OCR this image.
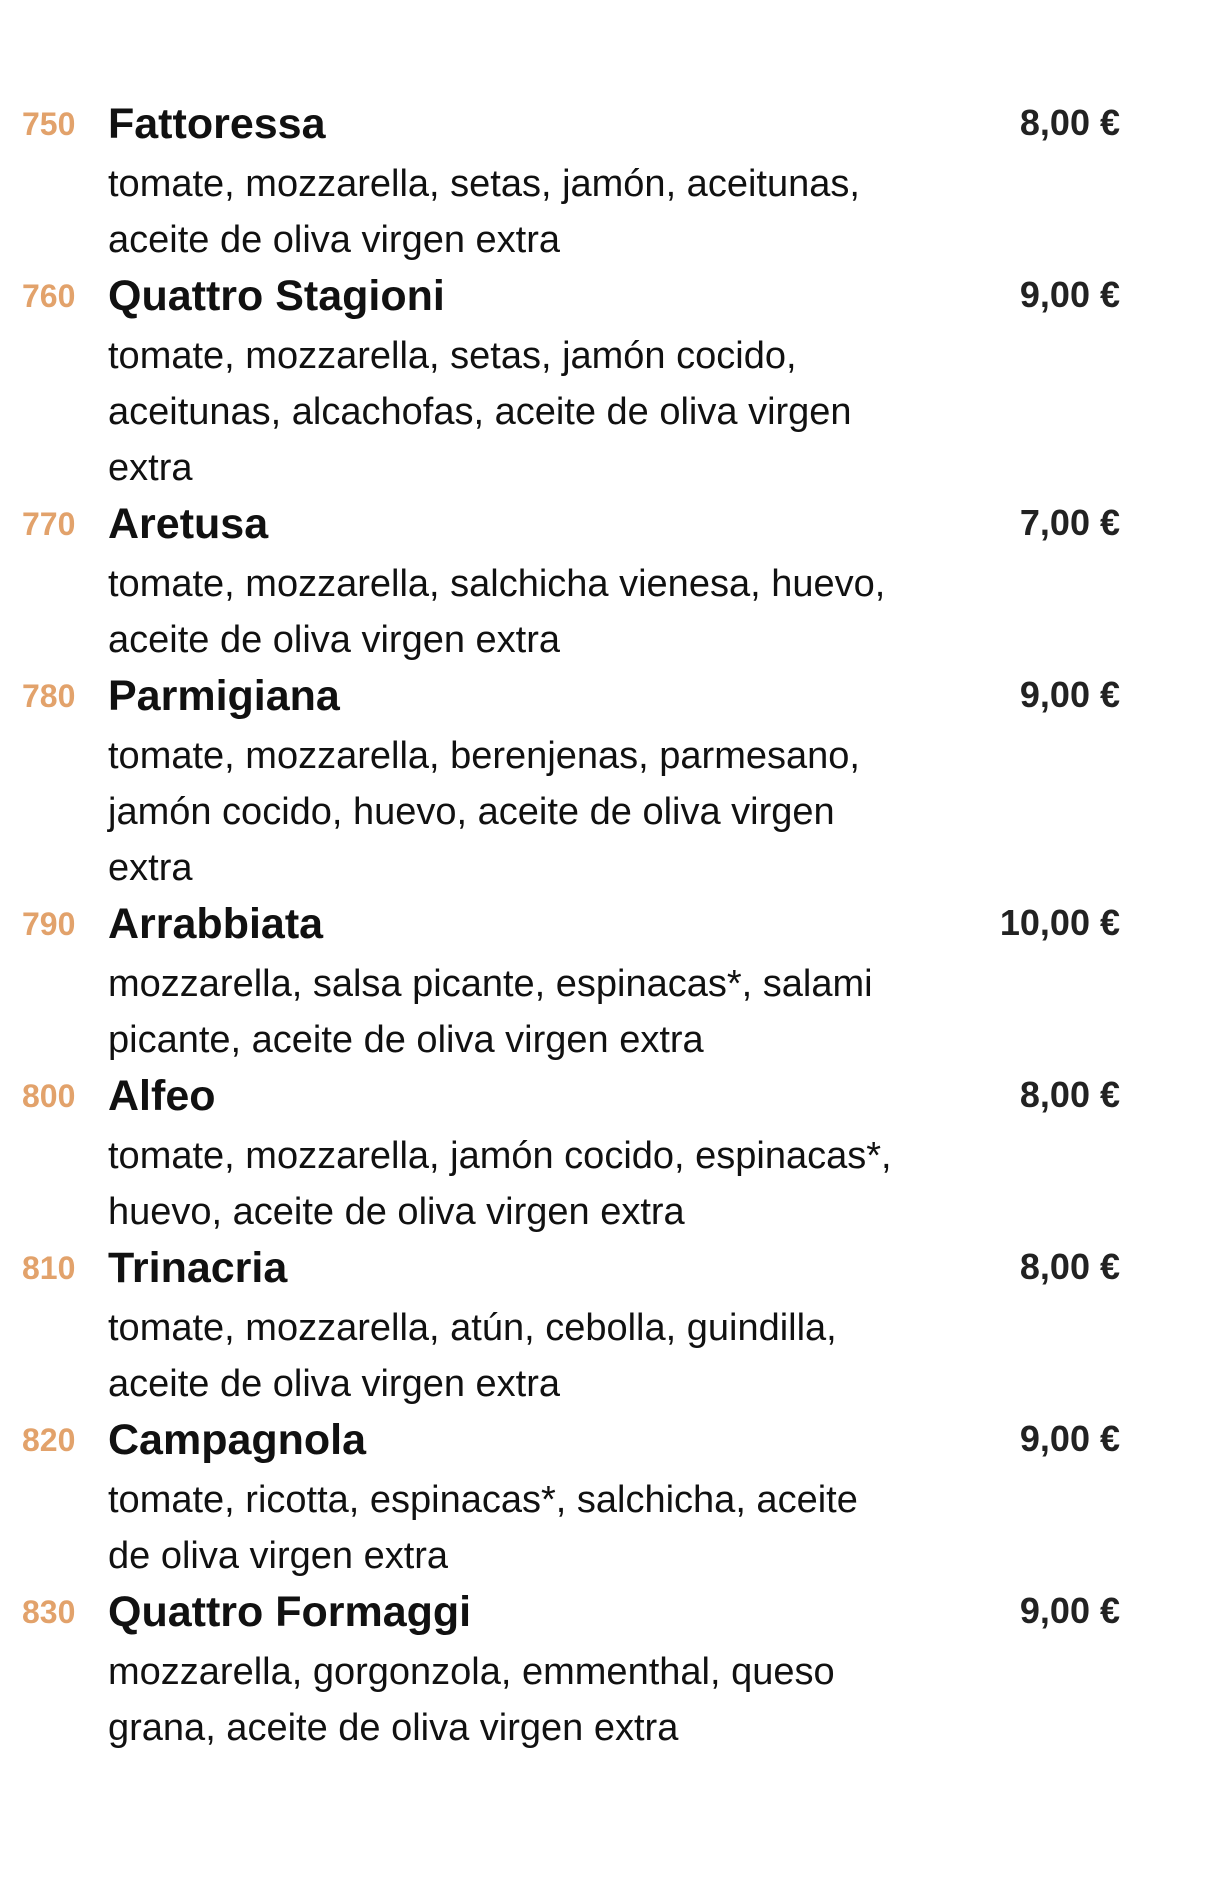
750 Fattoressa	8,00 €
tomate, mozzarella, setas, jamón, aceitunas,
aceite de oliva virgen extra
760 Quattro Stagioni	9,00 €
tomate, mozzarella, setas, jamón cocido,
aceitunas, alcachofas, aceite de oliva virgen
extra
770 Aretusa	7,00 €
tomate, mozzarella, salchicha vienesa, huevo,
aceite de oliva virgen extra
780 Parmigiana	9,00 €
tomate, mozzarella, berenjenas, parmesano,
jamón cocido, huevo, aceite de oliva virgen
extra
790 Arrabbiata	10,00 €
mozzarella, salsa picante, espinacas*, salami
picante, aceite de oliva virgen extra
800 Alfeo	8,00 €
tomate, mozzarella, jamón cocido, espinacas*,
huevo, aceite de oliva virgen extra
810 Trinacria	8,00 €
tomate, mozzarella, atún, cebolla, guindilla,
aceite de oliva virgen extra
820 Campagnola	9,00 €
tomate, ricotta, espinacas*, salchicha, aceite
de oliva virgen extra
830 Quattro Formaggi	9,00 €
mozzarella, gorgonzola, emmenthal, queso
grana, aceite de oliva virgen extra
